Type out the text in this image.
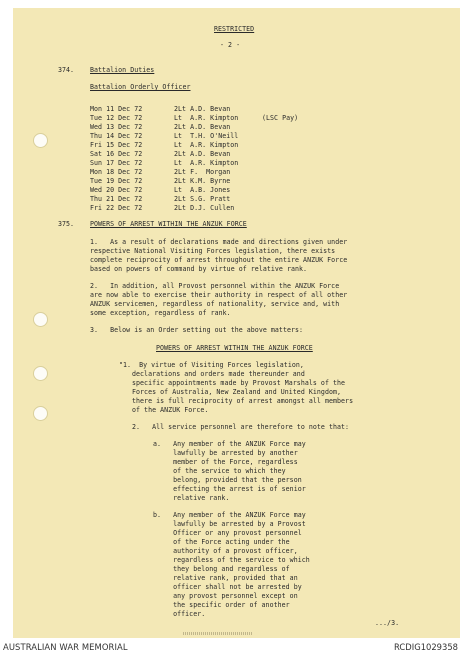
RESTRICTED
- 2 -
374. Battalion Duties
Battalion Orderly Officer
Mon 11 Dec 72	2Lt A.D. Bevan
Tue 12 Dec 72	Lt  A.R. Kimpton	(LSC Pay)
Wed 13 Dec 72	2Lt A.D. Bevan
Thu 14 Dec 72	Lt  T.H. O'Neill
Fri 15 Dec 72	Lt  A.R. Kimpton
Sat 16 Dec 72	2Lt A.D. Bevan
Sun 17 Dec 72	Lt  A.R. Kimpton
Mon 18 Dec 72	2Lt F.  Morgan
Tue 19 Dec 72	2Lt K.M. Byrne
Wed 20 Dec 72	Lt  A.B. Jones
Thu 21 Dec 72	2Lt S.G. Pratt
Fri 22 Dec 72	2Lt D.J. Cullen
375. POWERS OF ARREST WITHIN THE ANZUK FORCE
1.   As a result of declarations made and directions given under
respective National Visiting Forces legislation, there exists
complete reciprocity of arrest throughout the entire ANZUK Force
based on powers of command by virtue of relative rank.
2.   In addition, all Provost personnel within the ANZUK Force
are now able to exercise their authority in respect of all other
ANZUK servicemen, regardless of nationality, service and, with
some exception, regardless of rank.
3.   Below is an Order setting out the above matters:
POWERS OF ARREST WITHIN THE ANZUK FORCE
"1.  By virtue of Visiting Forces legislation,
declarations and orders made thereunder and
specific appointments made by Provost Marshals of the
Forces of Australia, New Zealand and United Kingdom,
there is full reciprocity of arrest amongst all members
of the ANZUK Force.
2.   All service personnel are therefore to note that:
a.   Any member of the ANZUK Force may
lawfully be arrested by another
member of the Force, regardless
of the service to which they
belong, provided that the person
effecting the arrest is of senior
relative rank.
b.   Any member of the ANZUK Force may
lawfully be arrested by a Provost
Officer or any provost personnel
of the Force acting under the
authority of a provost officer,
regardless of the service to which
they belong and regardless of
relative rank, provided that an
officer shall not be arrested by
any provost personnel except on
the specific order of another
officer.
.../3.
AUSTRALIAN WAR MEMORIAL	RCDIG1029358
